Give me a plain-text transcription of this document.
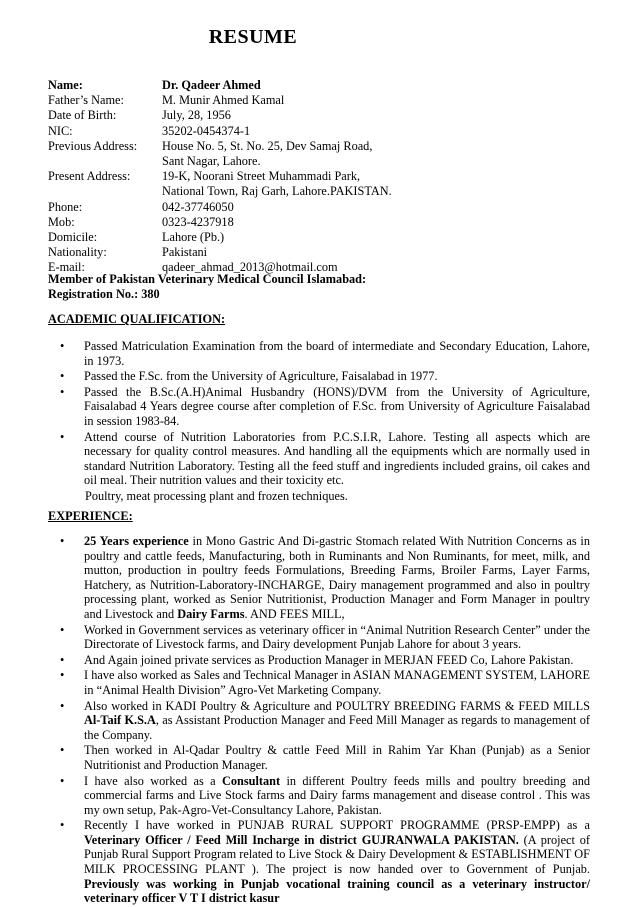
RESUME
Name:	Dr. Qadeer Ahmed
Father’s Name:	M. Munir Ahmed Kamal
Date of Birth:	July, 28, 1956
NIC:	35202-0454374-1
Previous Address:	House No. 5, St. No. 25, Dev Samaj Road,
Sant Nagar, Lahore.
Present Address:	19-K, Noorani Street Muhammadi Park,
National Town, Raj Garh, Lahore.PAKISTAN.
Phone:	042-37746050
Mob:	0323-4237918
Domicile:	Lahore (Pb.)
Nationality:	Pakistani
E-mail:	qadeer_ahmad_2013@hotmail.com
Member of Pakistan Veterinary Medical Council Islamabad:
Registration No.: 380
ACADEMIC QUALIFICATION:
• Passed Matriculation Examination from the board of intermediate and Secondary Education, Lahore, in 1973.
• Passed the F.Sc. from the University of Agriculture, Faisalabad in 1977.
• Passed the B.Sc.(A.H)Animal Husbandry (HONS)/DVM from the University of Agriculture, Faisalabad 4 Years degree course after completion of F.Sc. from University of Agriculture Faisalabad in session 1983-84.
• Attend course of Nutrition Laboratories from P.C.S.I.R, Lahore. Testing all aspects which are necessary for quality control measures. And handling all the equipments which are normally used in standard Nutrition Laboratory. Testing all the feed stuff and ingredients included grains, oil cakes and oil meal. Their nutrition values and their toxicity etc.
Poultry, meat processing plant and frozen techniques.
EXPERIENCE:
• 25 Years experience in Mono Gastric And Di-gastric Stomach related With Nutrition Concerns as in poultry and cattle feeds, Manufacturing, both in Ruminants and Non Ruminants, for meet, milk, and mutton, production in poultry feeds Formulations, Breeding Farms, Broiler Farms, Layer Farms, Hatchery, as Nutrition-Laboratory-INCHARGE, Dairy management programmed and also in poultry processing plant, worked as Senior Nutritionist, Production Manager and Form Manager in poultry and Livestock and Dairy Farms. AND FEES MILL,
• Worked in Government services as veterinary officer in “Animal Nutrition Research Center” under the Directorate of Livestock farms, and Dairy development Punjab Lahore for about 3 years.
• And Again joined private services as Production Manager in MERJAN FEED Co, Lahore Pakistan.
• I have also worked as Sales and Technical Manager in ASIAN MANAGEMENT SYSTEM, LAHORE in “Animal Health Division” Agro-Vet Marketing Company.
• Also worked in KADI Poultry & Agriculture and POULTRY BREEDING FARMS & FEED MILLS Al-Taif K.S.A, as Assistant Production Manager and Feed Mill Manager as regards to management of the Company.
• Then worked in Al-Qadar Poultry & cattle Feed Mill in Rahim Yar Khan (Punjab) as a Senior Nutritionist and Production Manager.
• I have also worked as a Consultant in different Poultry feeds mills and poultry breeding and commercial farms and Live Stock farms and Dairy farms management and disease control . This was my own setup, Pak-Agro-Vet-Consultancy Lahore, Pakistan.
• Recently I have worked in PUNJAB RURAL SUPPORT PROGRAMME (PRSP-EMPP) as a Veterinary Officer / Feed Mill Incharge in district GUJRANWALA PAKISTAN. (A project of Punjab Rural Support Program related to Live Stock & Dairy Development & ESTABLISHMENT OF MILK PROCESSING PLANT ). The project is now handed over to Government of Punjab. Previously was working in Punjab vocational training council as a veterinary instructor/ veterinary officer V T I district kasur
